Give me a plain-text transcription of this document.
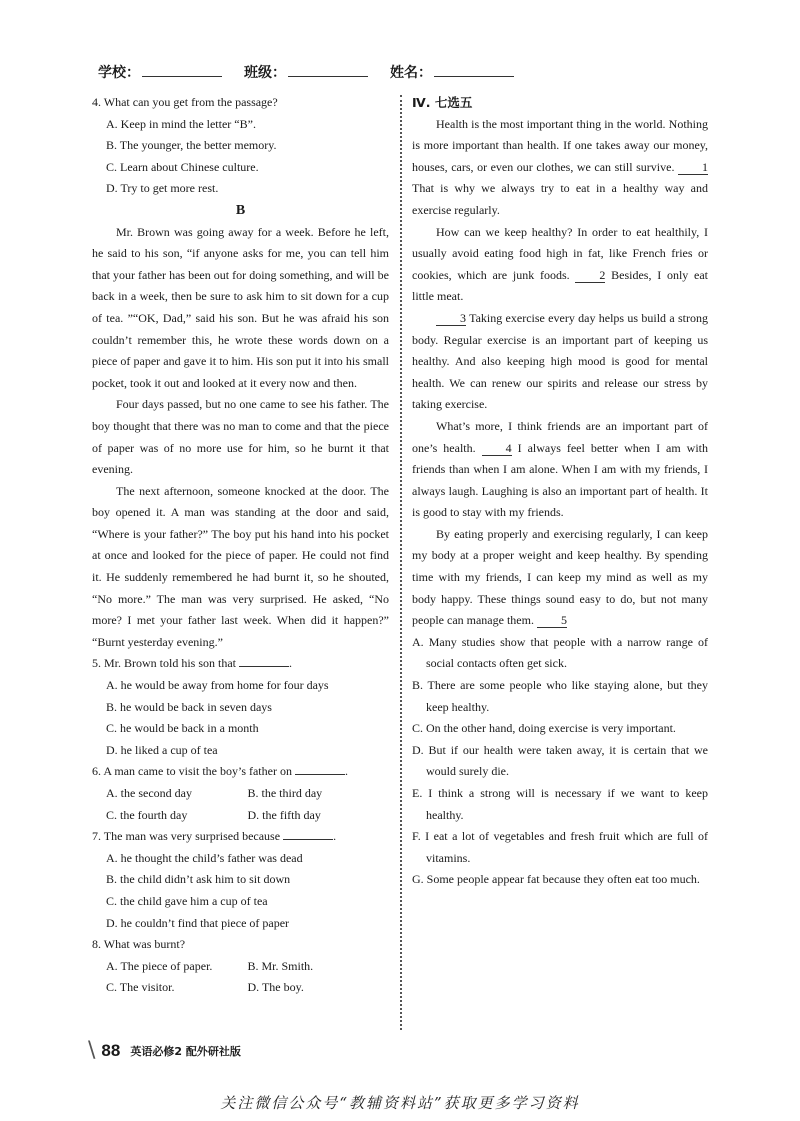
学校：	班级：	姓名：

4. What can you get from the passage?

A. Keep in mind the letter “B”.

B. The younger, the better memory.

C. Learn about Chinese culture.

D. Try to get more rest.

B

Mr. Brown was going away for a week. Before he left, he said to his son, “if anyone asks for me, you can tell him that your father has been out for doing something, and will be back in a week, then be sure to ask him to sit down for a cup of tea. ”“OK, Dad,” said his son. But he was afraid his son couldn’t remember this, he wrote these words down on a piece of paper and gave it to him. His son put it into his small pocket, took it out and looked at it every now and then.

Four days passed, but no one came to see his father. The boy thought that there was no man to come and that the piece of paper was of no more use for him, so he burnt it that evening.

The next afternoon, someone knocked at the door. The boy opened it. A man was standing at the door and said, “Where is your father?” The boy put his hand into his pocket at once and looked for the piece of paper. He could not find it. He suddenly remembered he had burnt it, so he shouted, “No more.” The man was very surprised. He asked, “No more? I met your father last week. When did it happen?” “Burnt yesterday evening.”

5. Mr. Brown told his son that	.

A. he would be away from home for four days

B. he would be back in seven days

C. he would be back in a month

D. he liked a cup of tea

6. A man came to visit the boy’s father on	.

A. the second day	B. the third day

C. the fourth day	D. the fifth day

7. The man was very surprised because	.

A. he thought the child’s father was dead

B. the child didn’t ask him to sit down

C. the child gave him a cup of tea

D. he couldn’t find that piece of paper

8. What was burnt?

A. The piece of paper.	B. Mr. Smith.

C. The visitor.	D. The boy.

Ⅳ. 七选五

Health is the most important thing in the world. Nothing is more important than health. If one takes away our money, houses, cars, or even our clothes, we can still survive. 1 That is why we always try to eat in a healthy way and exercise regularly.

How can we keep healthy? In order to eat healthily, I usually avoid eating food high in fat, like French fries or cookies, which are junk foods. 2 Besides, I only eat little meat.

3 Taking exercise every day helps us build a strong body. Regular exercise is an important part of keeping us healthy. And also keeping high mood is good for mental health. We can renew our spirits and release our stress by taking exercise.

What’s more, I think friends are an important part of one’s health. 4 I always feel better when I am with friends than when I am alone. When I am with my friends, I always laugh. Laughing is also an important part of health. It is good to stay with my friends.

By eating properly and exercising regularly, I can keep my body at a proper weight and keep healthy. By spending time with my friends, I can keep my mind as well as my body happy. These things sound easy to do, but not many people can manage them. 5

A. Many studies show that people with a narrow range of social contacts often get sick.

B. There are some people who like staying alone, but they keep healthy.

C. On the other hand, doing exercise is very important.

D. But if our health were taken away, it is certain that we would surely die.

E. I think a strong will is necessary if we want to keep healthy.

F. I eat a lot of vegetables and fresh fruit which are full of vitamins.

G. Some people appear fat because they often eat too much.

\ 88 英语必修2 配外研社版
关注微信公众号“教辅资料站”获取更多学习资料
